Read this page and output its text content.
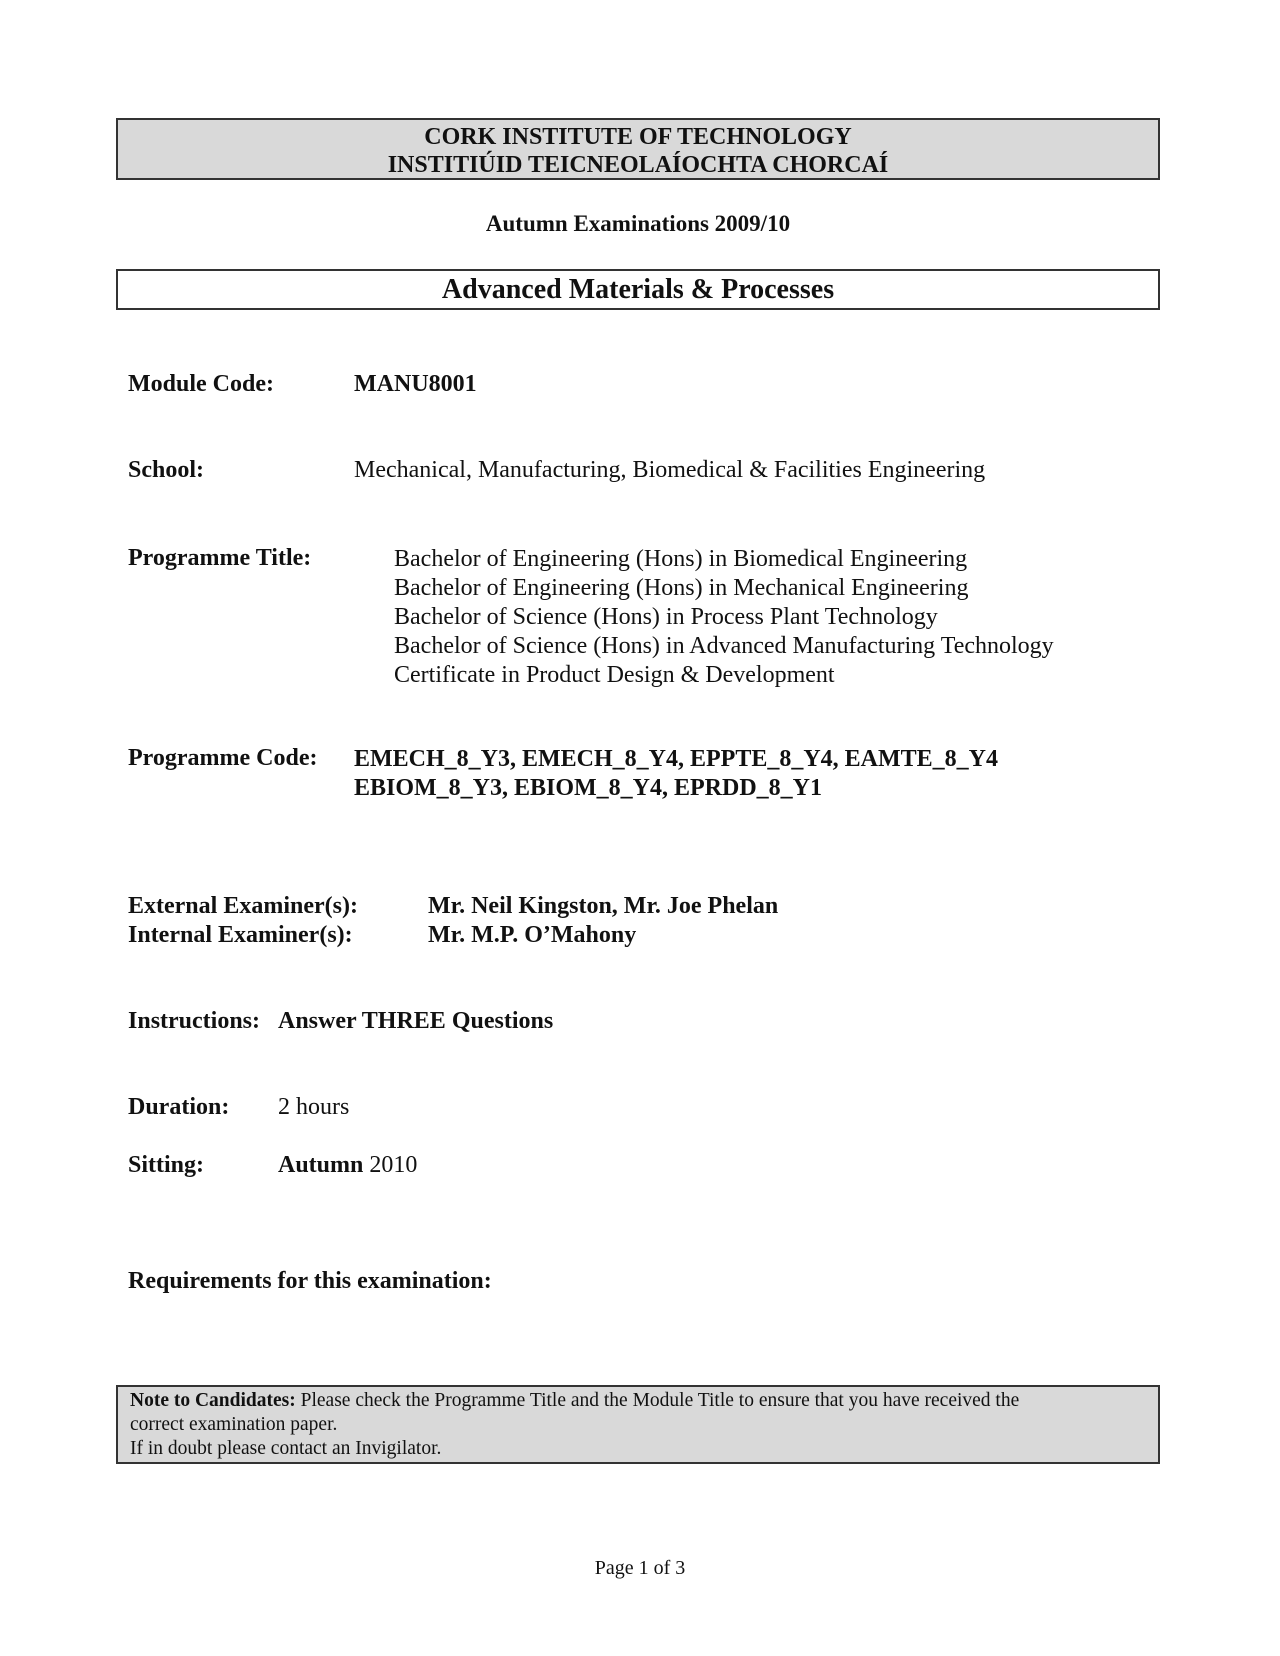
CORK INSTITUTE OF TECHNOLOGY
INSTITIÚID TEICNEOLAÍOCHTA CHORCAÍ
Autumn Examinations 2009/10
Advanced Materials & Processes
Module Code:	MANU8001
School:	Mechanical, Manufacturing, Biomedical & Facilities Engineering
Programme Title:	Bachelor of Engineering (Hons) in Biomedical Engineering
Bachelor of Engineering (Hons) in Mechanical Engineering
Bachelor of Science (Hons) in Process Plant Technology
Bachelor of Science (Hons) in Advanced Manufacturing Technology
Certificate in Product Design & Development
Programme Code: EMECH_8_Y3, EMECH_8_Y4, EPPTE_8_Y4, EAMTE_8_Y4
EBIOM_8_Y3, EBIOM_8_Y4, EPRDD_8_Y1
External Examiner(s):	Mr. Neil Kingston, Mr. Joe Phelan
Internal Examiner(s):	Mr. M.P. O’Mahony
Instructions: Answer THREE Questions
Duration: 2 hours
Sitting:	Autumn 2010
Requirements for this examination:
Note to Candidates: Please check the Programme Title and the Module Title to ensure that you have received the
correct examination paper.
If in doubt please contact an Invigilator.
Page 1 of 3
